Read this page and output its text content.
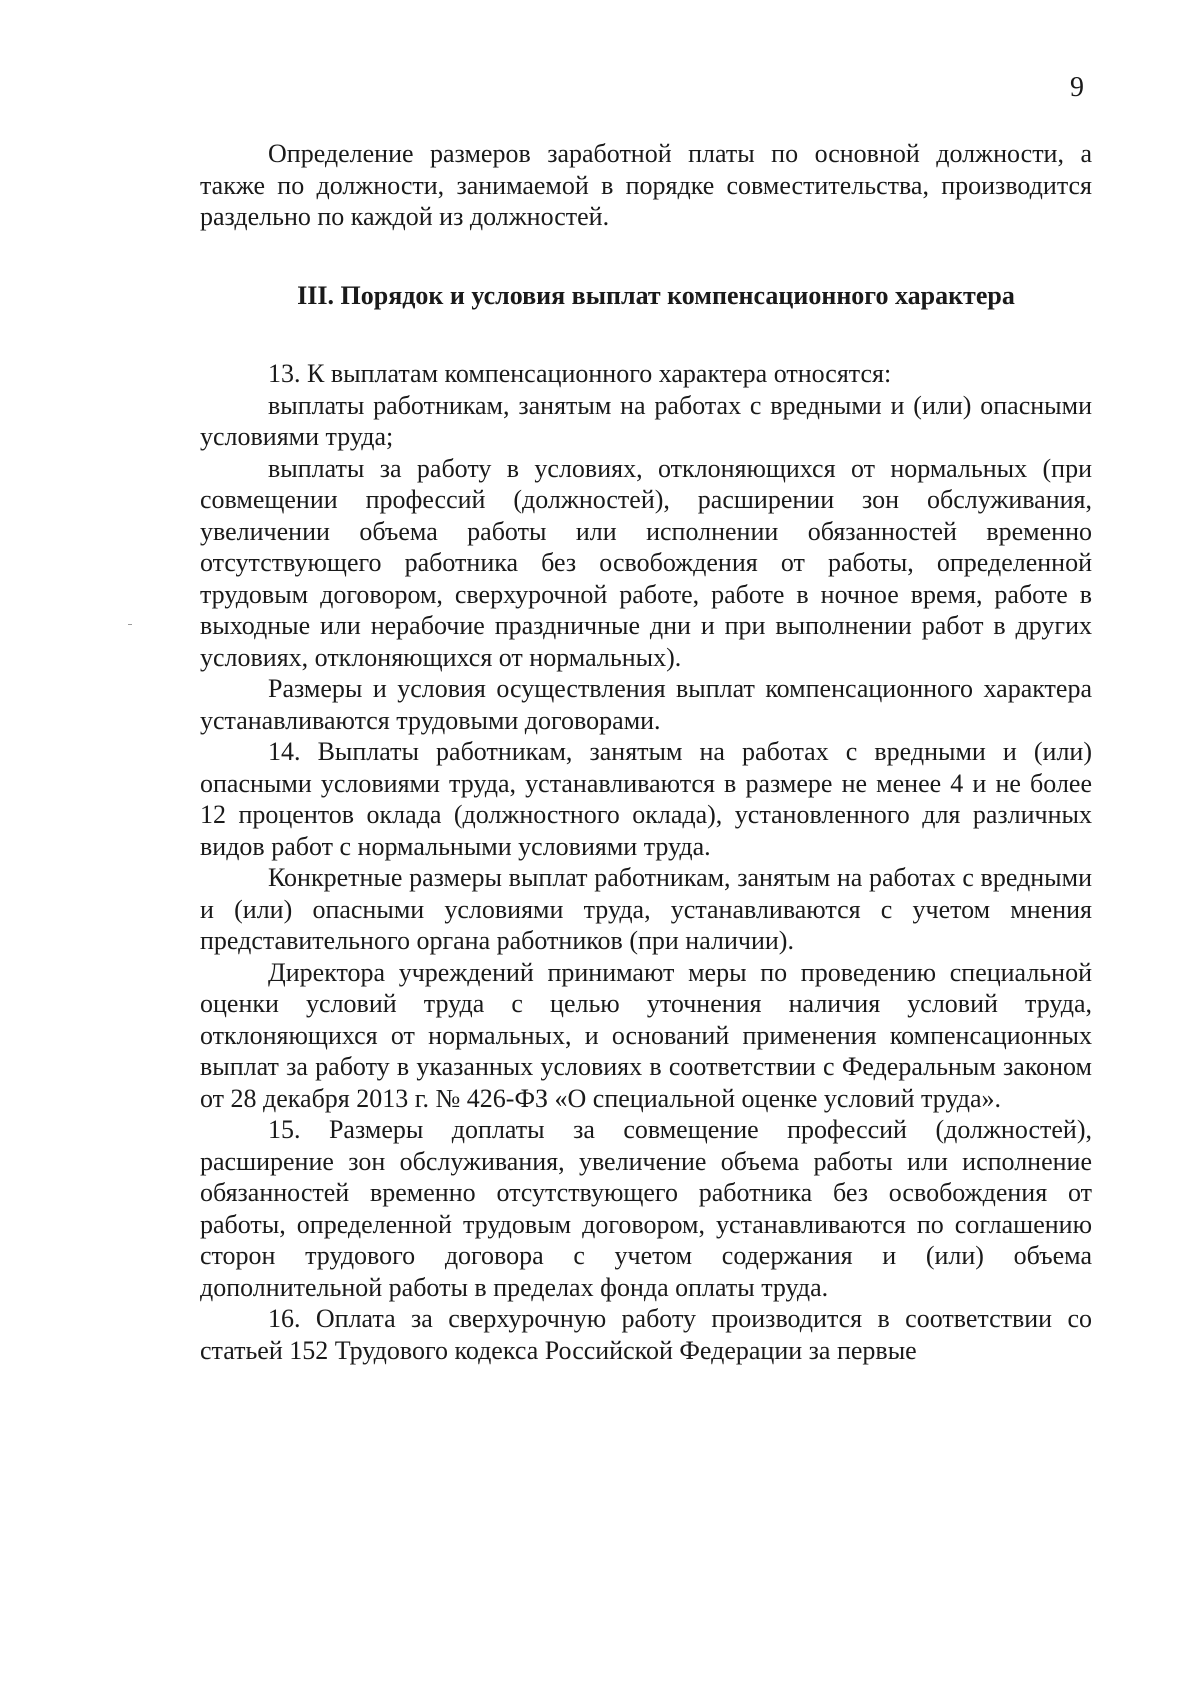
9

Определение размеров заработной платы по основной должности, а также по должности, занимаемой в порядке совместительства, производится раздельно по каждой из должностей.

III. Порядок и условия выплат компенсационного характера

13. К выплатам компенсационного характера относятся:

выплаты работникам, занятым на работах с вредными и (или) опасными условиями труда;

выплаты за работу в условиях, отклоняющихся от нормальных (при совмещении профессий (должностей), расширении зон обслуживания, увеличении объема работы или исполнении обязанностей временно отсутствующего работника без освобождения от работы, определенной трудовым договором, сверхурочной работе, работе в ночное время, работе в выходные или нерабочие праздничные дни и при выполнении работ в других условиях, отклоняющихся от нормальных).

Размеры и условия осуществления выплат компенсационного характера устанавливаются трудовыми договорами.

14. Выплаты работникам, занятым на работах с вредными и (или) опасными условиями труда, устанавливаются в размере не менее 4 и не более 12 процентов оклада (должностного оклада), установленного для различных видов работ с нормальными условиями труда.

Конкретные размеры выплат работникам, занятым на работах с вредными и (или) опасными условиями труда, устанавливаются с учетом мнения представительного органа работников (при наличии).

Директора учреждений принимают меры по проведению специальной оценки условий труда с целью уточнения наличия условий труда, отклоняющихся от нормальных, и оснований применения компенсационных выплат за работу в указанных условиях в соответствии с Федеральным законом от 28 декабря 2013 г. № 426-ФЗ «О специальной оценке условий труда».

15. Размеры доплаты за совмещение профессий (должностей), расширение зон обслуживания, увеличение объема работы или исполнение обязанностей временно отсутствующего работника без освобождения от работы, определенной трудовым договором, устанавливаются по соглашению сторон трудового договора с учетом содержания и (или) объема дополнительной работы в пределах фонда оплаты труда.

16. Оплата за сверхурочную работу производится в соответствии со статьей 152 Трудового кодекса Российской Федерации за первые
